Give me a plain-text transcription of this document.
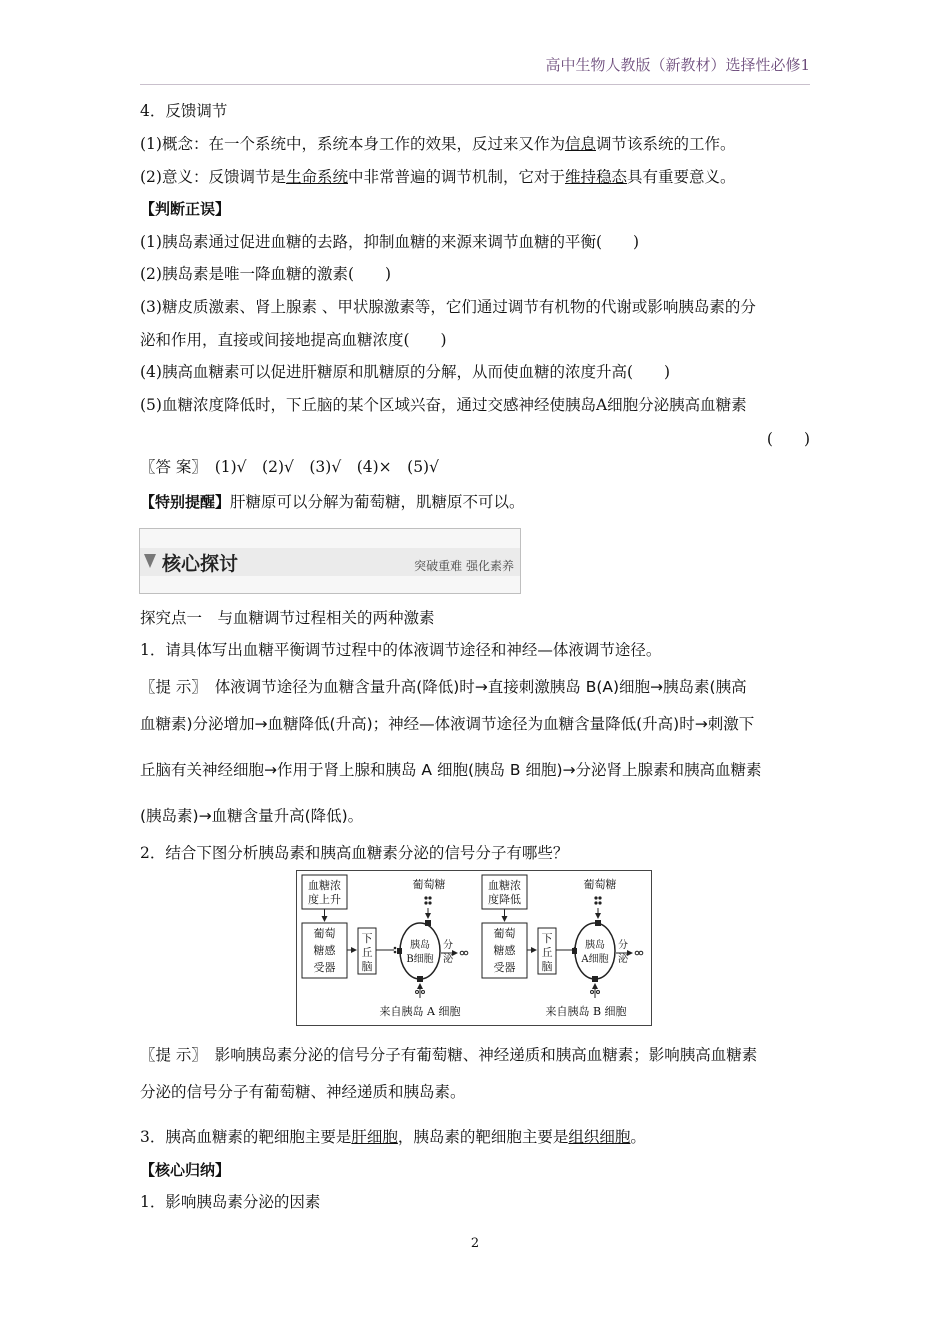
高中生物人教版（新教材）选择性必修1
4．反馈调节
(1)概念：在一个系统中，系统本身工作的效果，反过来又作为信息调节该系统的工作。
(2)意义：反馈调节是生命系统中非常普遍的调节机制，它对于维持稳态具有重要意义。
【判断正误】
(1)胰岛素通过促进血糖的去路，抑制血糖的来源来调节血糖的平衡(　　)
(2)胰岛素是唯一降血糖的激素(　　)
(3)糖皮质激素、肾上腺素 、甲状腺激素等，它们通过调节有机物的代谢或影响胰岛素的分
泌和作用，直接或间接地提高血糖浓度(　　)
(4)胰高血糖素可以促进肝糖原和肌糖原的分解，从而使血糖的浓度升高(　　)
(5)血糖浓度降低时，下丘脑的某个区域兴奋，通过交感神经使胰岛A细胞分泌胰高血糖素
(　　)
〖答 案〗　 (1)√　(2)√　(3)√　(4)×　(5)√
【特别提醒】肝糖原可以分解为葡萄糖，肌糖原不可以。
核心探讨	突破重难 强化素养
探究点一　与血糖调节过程相关的两种激素
1．请具体写出血糖平衡调节过程中的体液调节途径和神经—体液调节途径。
〖提 示〗　 体液调节途径为血糖含量升高(降低)时→直接刺激胰岛 B(A)细胞→胰岛素(胰高
血糖素)分泌增加→血糖降低(升高)；神经—体液调节途径为血糖含量降低(升高)时→刺激下
丘脑有关神经细胞→作用于肾上腺和胰岛 A 细胞(胰岛 B 细胞)→分泌肾上腺素和胰高血糖素
(胰岛素)→血糖含量升高(降低)。
2．结合下图分析胰岛素和胰高血糖素分泌的信号分子有哪些？
血糖浓
度上升
葡萄
糖感
受器
下
丘
脑
葡萄糖
胰岛
B细胞
分
泌
来自胰岛 A 细胞
血糖浓
度降低
葡萄
糖感
受器
下
丘
脑
葡萄糖
胰岛
A细胞
分
泌
来自胰岛 B 细胞
〖提 示〗　 影响胰岛素分泌的信号分子有葡萄糖、神经递质和胰高血糖素；影响胰高血糖素
分泌的信号分子有葡萄糖、神经递质和胰岛素。
3．胰高血糖素的靶细胞主要是肝细胞，胰岛素的靶细胞主要是组织细胞。
【核心归纳】
1．影响胰岛素分泌的因素
2
